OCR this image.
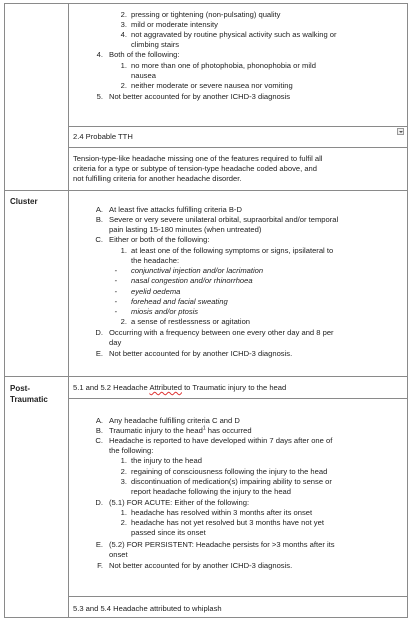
2. pressing or tightening (non-pulsating) quality
3. mild or moderate intensity
4. not aggravated by routine physical activity such as walking or
climbing stairs
4. Both of the following:
1. no more than one of photophobia, phonophobia or mild
nausea
2. neither moderate or severe nausea nor vomiting
5. Not better accounted for by another ICHD-3 diagnosis
2.4 Probable TTH
Tension-type-like headache missing one of the features required to fulfil all
criteria for a type or subtype of tension-type headache coded above, and
not fulfilling criteria for another headache disorder.
Cluster
A. At least five attacks fulfilling criteria B-D
B. Severe or very severe unilateral orbital, supraorbital and/or temporal
pain lasting 15-180 minutes (when untreated)
C. Either or both of the following:
1. at least one of the following symptoms or signs, ipsilateral to
the headache:
- conjunctival injection and/or lacrimation
- nasal congestion and/or rhinorrhoea
- eyelid oedema
- forehead and facial sweating
- miosis and/or ptosis
2. a sense of restlessness or agitation
D. Occurring with a frequency between one every other day and 8 per
day
E. Not better accounted for by another ICHD-3 diagnosis.
Post-
Traumatic
5.1 and 5.2 Headache Attributed to Traumatic injury to the head
A. Any headache fulfilling criteria C and D
B. Traumatic injury to the head$^1$ has occurred
C. Headache is reported to have developed within 7 days after one of
the following:
1. the injury to the head
2. regaining of consciousness following the injury to the head
3. discontinuation of medication(s) impairing ability to sense or
report headache following the injury to the head
D. (5.1) FOR ACUTE: Either of the following:
1. headache has resolved within 3 months after its onset
2. headache has not yet resolved but 3 months have not yet
passed since its onset
E. (5.2) FOR PERSISTENT: Headache persists for >3 months after its
onset
F. Not better accounted for by another ICHD-3 diagnosis.
5.3 and 5.4 Headache attributed to whiplash
